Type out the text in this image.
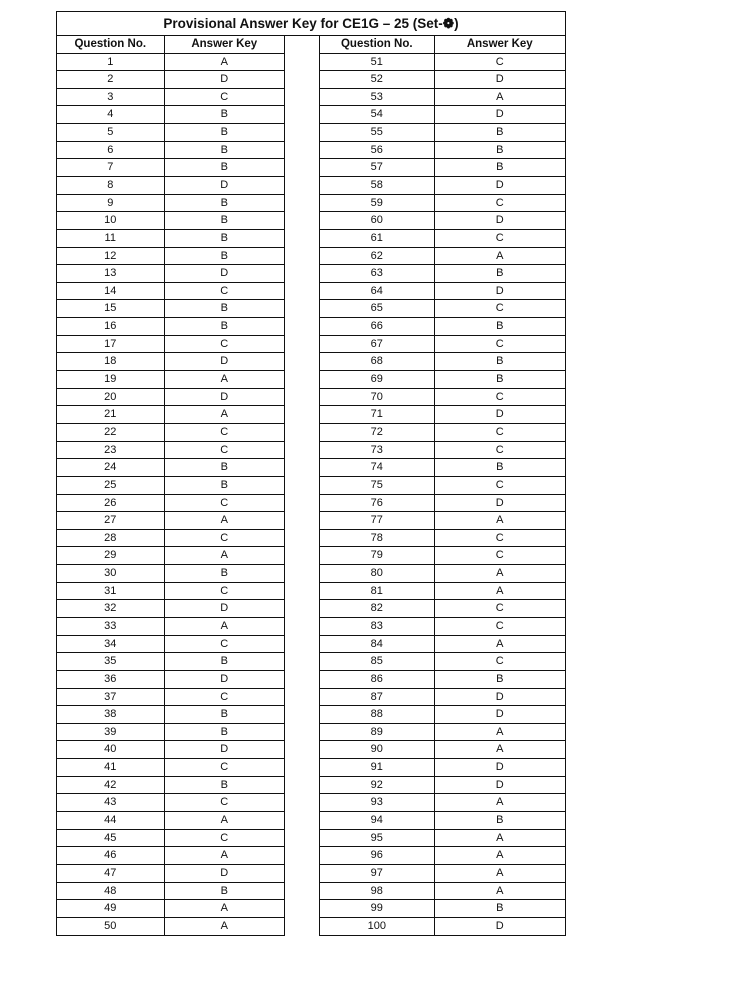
Provisional Answer Key for CE1G – 25 (Set-❁)
Question No.	Answer Key
1	A
2	D
3	C
4	B
5	B
6	B
7	B
8	D
9	B
10	B
11	B
12	B
13	D
14	C
15	B
16	B
17	C
18	D
19	A
20	D
21	A
22	C
23	C
24	B
25	B
26	C
27	A
28	C
29	A
30	B
31	C
32	D
33	A
34	C
35	B
36	D
37	C
38	B
39	B
40	D
41	C
42	B
43	C
44	A
45	C
46	A
47	D
48	B
49	A
50	A
Question No.	Answer Key
51	C
52	D
53	A
54	D
55	B
56	B
57	B
58	D
59	C
60	D
61	C
62	A
63	B
64	D
65	C
66	B
67	C
68	B
69	B
70	C
71	D
72	C
73	C
74	B
75	C
76	D
77	A
78	C
79	C
80	A
81	A
82	C
83	C
84	A
85	C
86	B
87	D
88	D
89	A
90	A
91	D
92	D
93	A
94	B
95	A
96	A
97	A
98	A
99	B
100	D
